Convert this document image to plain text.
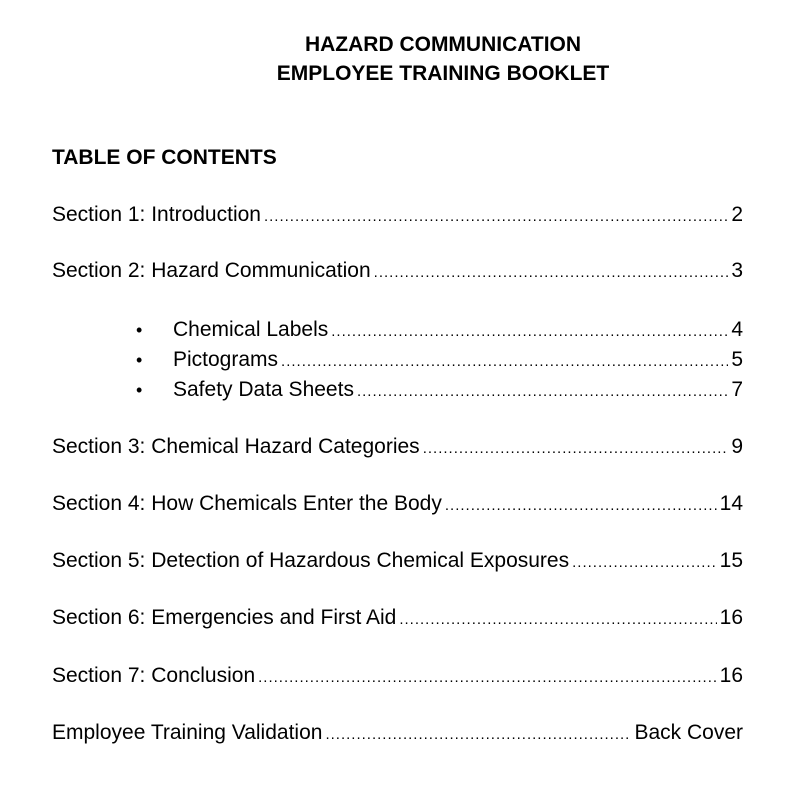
HAZARD COMMUNICATION
EMPLOYEE TRAINING BOOKLET
TABLE OF CONTENTS
Section 1: Introduction .....	2
Section 2: Hazard Communication .....	3
•	Chemical Labels .....	4
•	Pictograms .....	5
•	Safety Data Sheets .....	7
Section 3: Chemical Hazard Categories .....	9
Section 4: How Chemicals Enter the Body .....	14
Section 5: Detection of Hazardous Chemical Exposures .....	15
Section 6: Emergencies and First Aid .....	16
Section 7: Conclusion .....	16
Employee Training Validation .....	Back Cover
